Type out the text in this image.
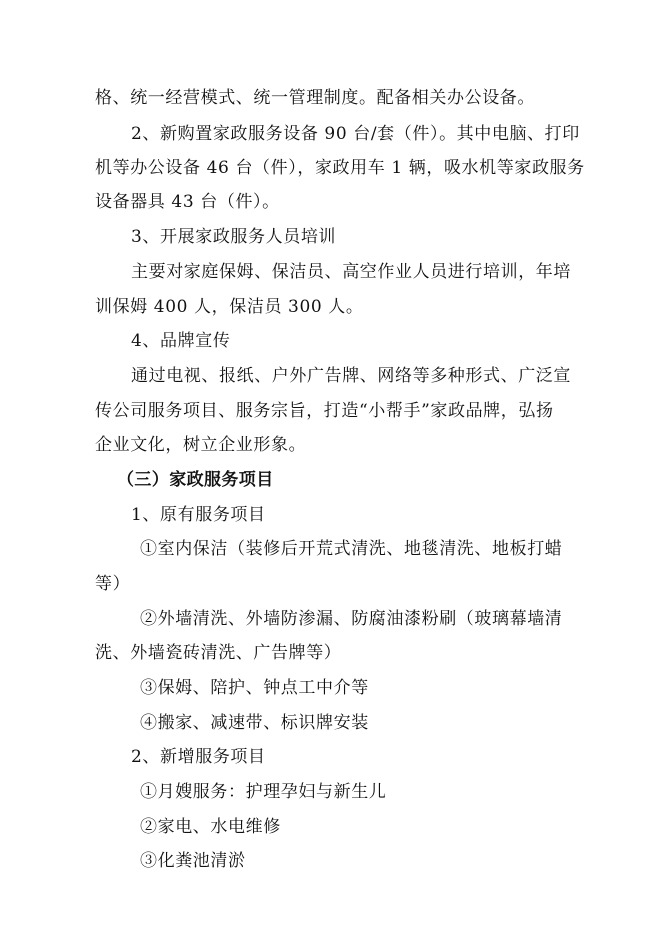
格、统一经营模式、统一管理制度。配备相关办公设备。
2、新购置家政服务设备 90 台/套（件）。其中电脑、打印
机等办公设备 46 台（件），家政用车 1 辆，吸水机等家政服务
设备器具 43 台（件）。
3、开展家政服务人员培训
主要对家庭保姆、保洁员、高空作业人员进行培训，年培
训保姆 400 人，保洁员 300 人。
4、品牌宣传
通过电视、报纸、户外广告牌、网络等多种形式、广泛宣
传公司服务项目、服务宗旨，打造“小帮手”家政品牌，弘扬
企业文化，树立企业形象。
（三）家政服务项目
1、原有服务项目
①室内保洁（装修后开荒式清洗、地毯清洗、地板打蜡
等）
②外墙清洗、外墙防渗漏、防腐油漆粉刷（玻璃幕墙清
洗、外墙瓷砖清洗、广告牌等）
③保姆、陪护、钟点工中介等
④搬家、减速带、标识牌安装
2、新增服务项目
①月嫂服务：护理孕妇与新生儿
②家电、水电维修
③化粪池清淤
